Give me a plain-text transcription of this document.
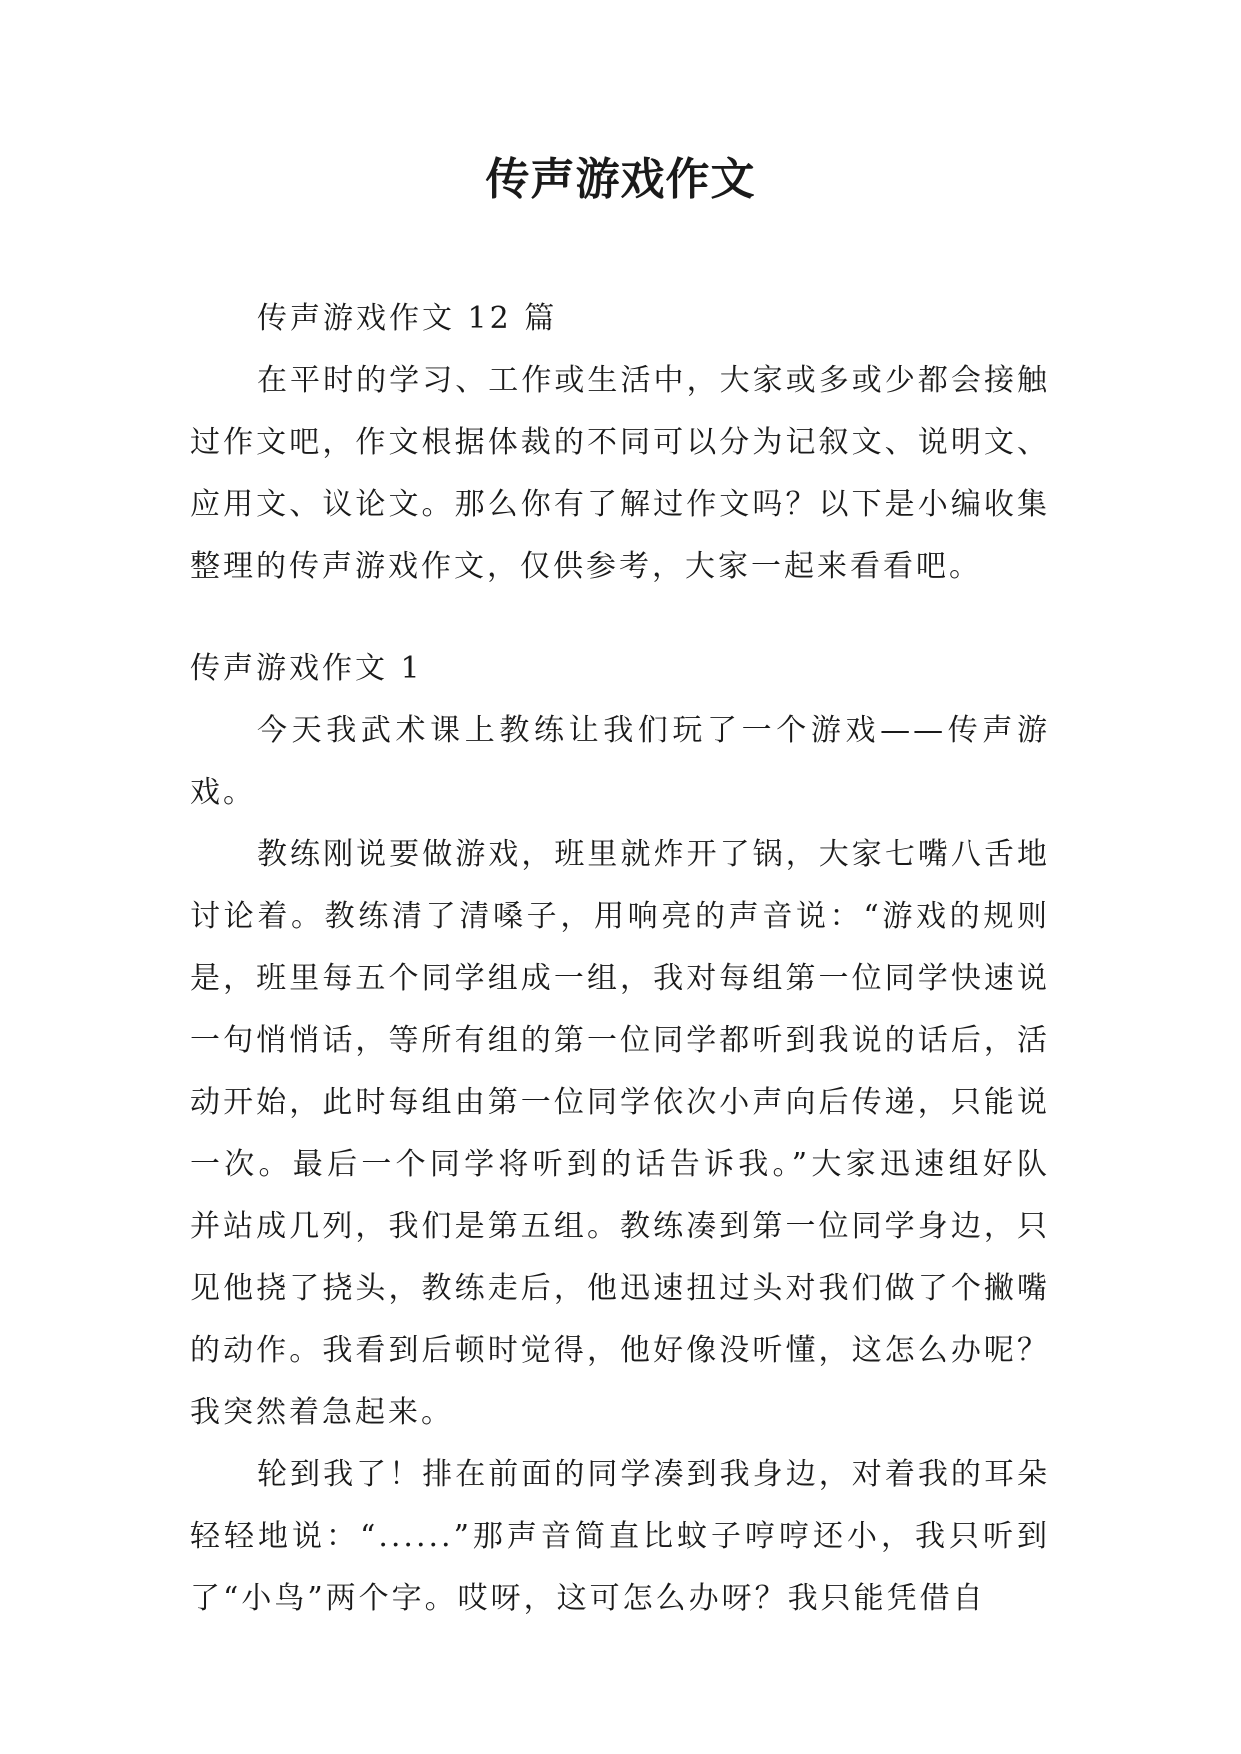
传声游戏作文

传声游戏作文 12 篇

在平时的学习、工作或生活中，大家或多或少都会接触过作文吧，作文根据体裁的不同可以分为记叙文、说明文、应用文、议论文。那么你有了解过作文吗？以下是小编收集整理的传声游戏作文，仅供参考，大家一起来看看吧。

传声游戏作文 1

今天我武术课上教练让我们玩了一个游戏——传声游戏。

教练刚说要做游戏，班里就炸开了锅，大家七嘴八舌地讨论着。教练清了清嗓子，用响亮的声音说：“游戏的规则是，班里每五个同学组成一组，我对每组第一位同学快速说一句悄悄话，等所有组的第一位同学都听到我说的话后，活动开始，此时每组由第一位同学依次小声向后传递，只能说一次。最后一个同学将听到的话告诉我。”大家迅速组好队并站成几列，我们是第五组。教练凑到第一位同学身边，只见他挠了挠头，教练走后，他迅速扭过头对我们做了个撇嘴的动作。我看到后顿时觉得，他好像没听懂，这怎么办呢？我突然着急起来。

轮到我了！排在前面的同学凑到我身边，对着我的耳朵轻轻地说：“......”那声音简直比蚊子哼哼还小，我只听到了“小鸟”两个字。哎呀，这可怎么办呀？我只能凭借自
